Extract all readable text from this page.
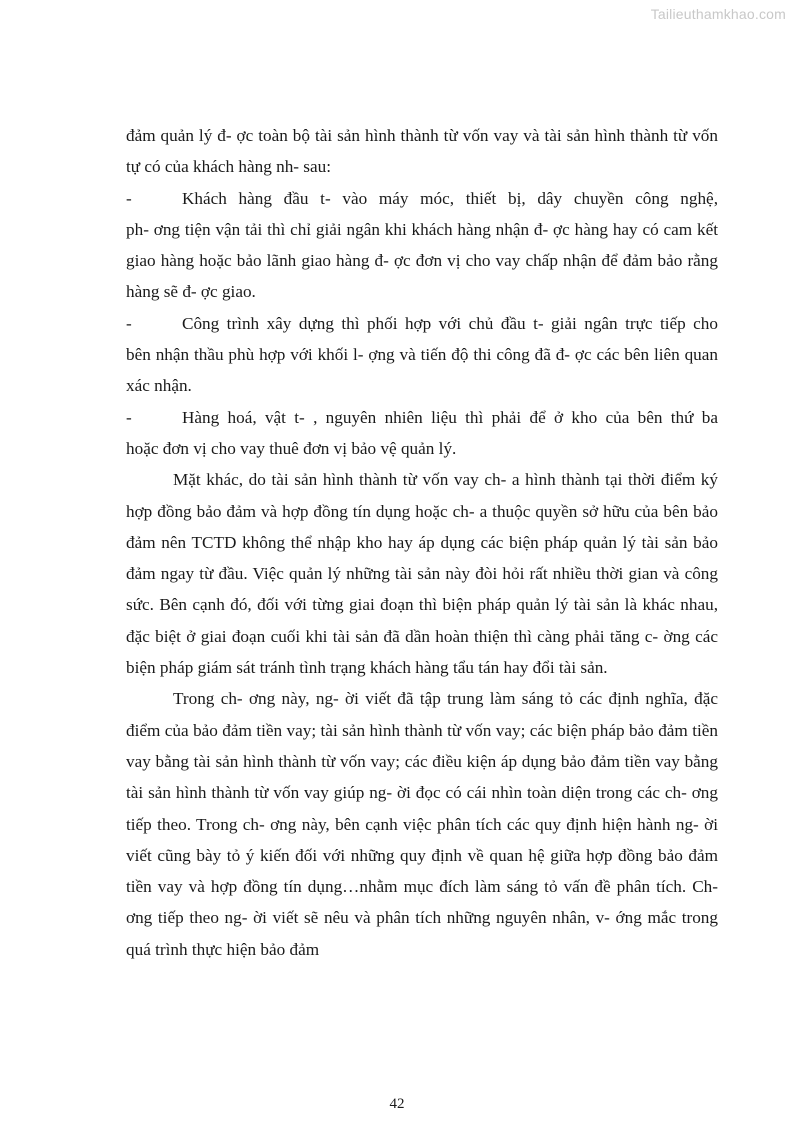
Tailieuthamkhao.com

đảm quản lý đ- ợc toàn bộ tài sản hình thành từ vốn vay và tài sản hình thành từ vốn tự có của khách hàng nh- sau:

-	Khách hàng đầu t- vào máy móc, thiết bị, dây chuyền công nghệ,

ph- ơng tiện vận tải thì chỉ giải ngân khi khách hàng nhận đ- ợc hàng hay có cam kết giao hàng hoặc bảo lãnh giao hàng đ- ợc đơn vị cho vay chấp nhận để đảm bảo rằng hàng sẽ đ- ợc giao.

-	Công trình xây dựng thì phối hợp với chủ đầu t- giải ngân trực tiếp cho

bên nhận thầu phù hợp với khối l- ợng và tiến độ thi công đã đ- ợc các bên liên quan xác nhận.

-	Hàng hoá, vật t- , nguyên nhiên liệu thì phải để ở kho của bên thứ ba

hoặc đơn vị cho vay thuê đơn vị bảo vệ quản lý.

Mặt khác, do tài sản hình thành từ vốn vay ch- a hình thành tại thời điểm ký hợp đồng bảo đảm và hợp đồng tín dụng hoặc ch- a thuộc quyền sở hữu của bên bảo đảm nên TCTD không thể nhập kho hay áp dụng các biện pháp quản lý tài sản bảo đảm ngay từ đầu. Việc quản lý những tài sản này đòi hỏi rất nhiều thời gian và công sức. Bên cạnh đó, đối với từng giai đoạn thì biện pháp quản lý tài sản là khác nhau, đặc biệt ở giai đoạn cuối khi tài sản đã dần hoàn thiện thì càng phải tăng c- ờng các biện pháp giám sát tránh tình trạng khách hàng tẩu tán hay đổi tài sản.

Trong ch- ơng này, ng- ời viết đã tập trung làm sáng tỏ các định nghĩa, đặc điểm của bảo đảm tiền vay; tài sản hình thành từ vốn vay; các biện pháp bảo đảm tiền vay bằng tài sản hình thành từ vốn vay; các điều kiện áp dụng bảo đảm tiền vay bằng tài sản hình thành từ vốn vay giúp ng- ời đọc có cái nhìn toàn diện trong các ch- ơng tiếp theo. Trong ch- ơng này, bên cạnh việc phân tích các quy định hiện hành ng- ời viết cũng bày tỏ ý kiến đối với những quy định về quan hệ giữa hợp đồng bảo đảm tiền vay và hợp đồng tín dụng…nhằm mục đích làm sáng tỏ vấn đề phân tích. Ch- ơng tiếp theo ng- ời viết sẽ nêu và phân tích những nguyên nhân, v- ớng mắc trong quá trình thực hiện bảo đảm

42
